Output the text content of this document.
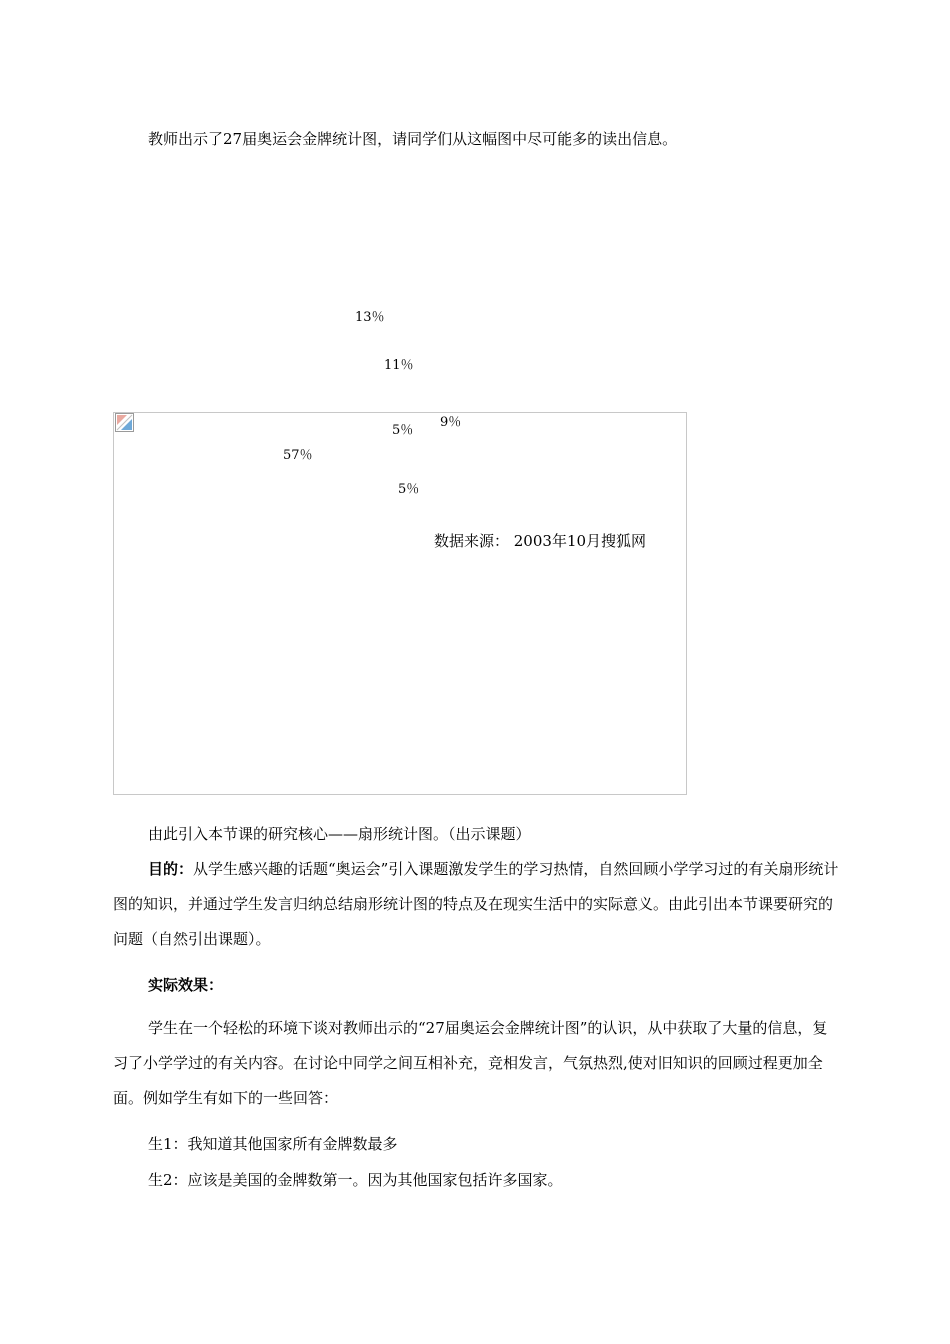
教师出示了27届奥运会金牌统计图，请同学们从这幅图中尽可能多的读出信息。
13％
11％
9％
5％
5％
57％
数据来源： 2003年10月搜狐网
由此引入本节课的研究核心——扇形统计图。（出示课题）
目的：从学生感兴趣的话题“奥运会”引入课题激发学生的学习热情，自然回顾小学学习过的有关扇形统计图的知识，并通过学生发言归纳总结扇形统计图的特点及在现实生活中的实际意义。由此引出本节课要研究的问题（自然引出课题）。
实际效果：
学生在一个轻松的环境下谈对教师出示的“27届奥运会金牌统计图”的认识，从中获取了大量的信息，复习了小学学过的有关内容。在讨论中同学之间互相补充，竞相发言，气氛热烈,使对旧知识的回顾过程更加全面。例如学生有如下的一些回答：
生1：我知道其他国家所有金牌数最多
生2：应该是美国的金牌数第一。因为其他国家包括许多国家。
